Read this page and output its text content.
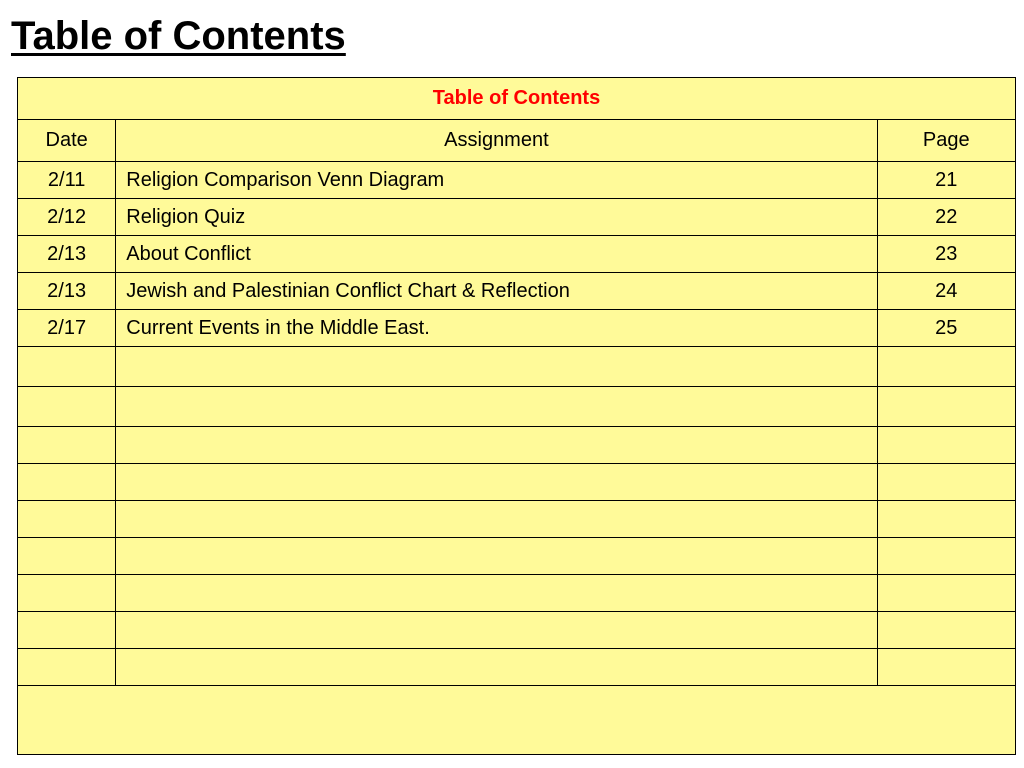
Table of Contents
Table of Contents		
Date	Assignment	Page
2/11	Religion Comparison Venn Diagram	21
2/12	Religion Quiz	22
2/13	About Conflict	23
2/13	Jewish and Palestinian Conflict Chart & Reflection	24
2/17	Current Events in the Middle East.	25
